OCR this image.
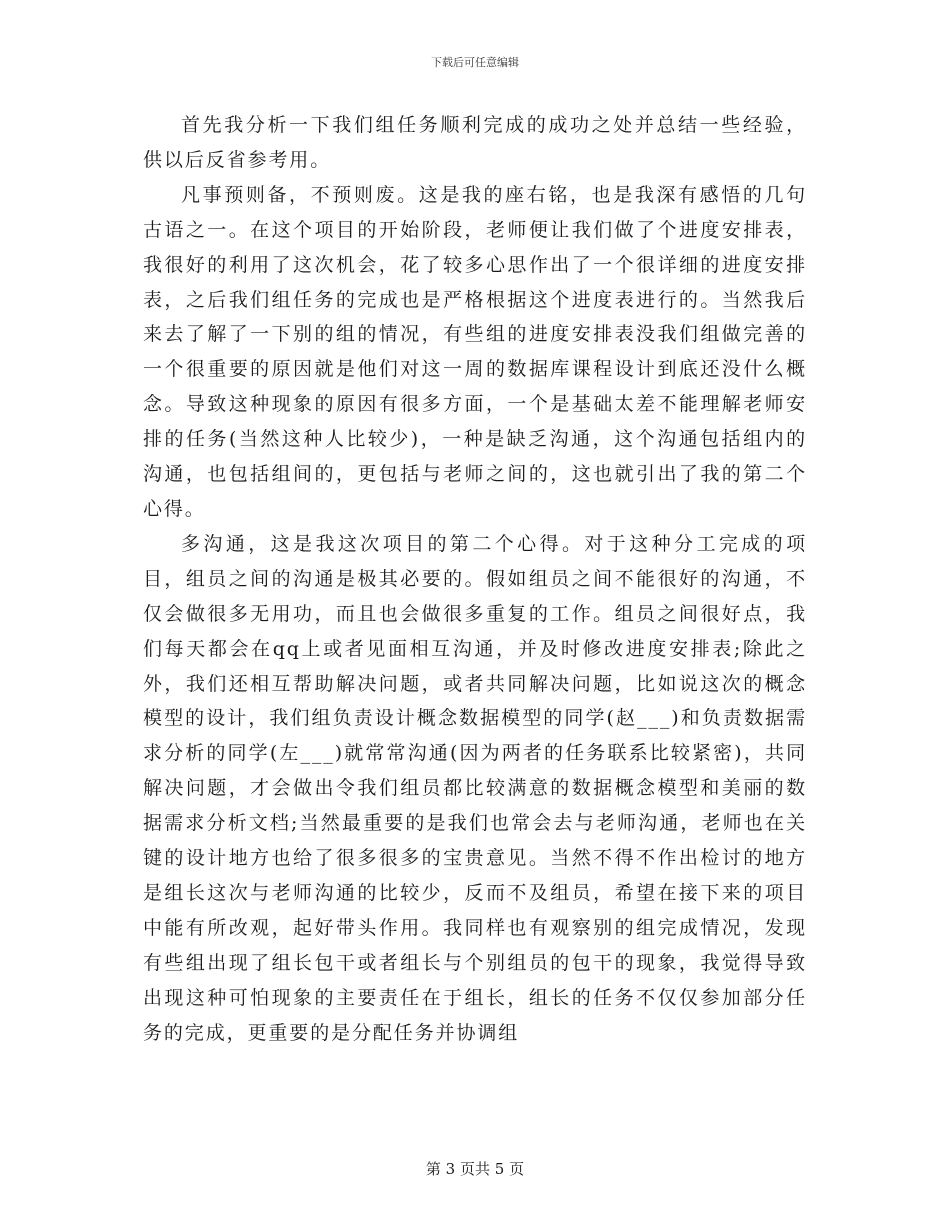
下载后可任意编辑

首先我分析一下我们组任务顺利完成的成功之处并总结一些经验，供以后反省参考用。

凡事预则备，不预则废。这是我的座右铭，也是我深有感悟的几句古语之一。在这个项目的开始阶段，老师便让我们做了个进度安排表，我很好的利用了这次机会，花了较多心思作出了一个很详细的进度安排表，之后我们组任务的完成也是严格根据这个进度表进行的。当然我后来去了解了一下别的组的情况，有些组的进度安排表没我们组做完善的一个很重要的原因就是他们对这一周的数据库课程设计到底还没什么概念。导致这种现象的原因有很多方面，一个是基础太差不能理解老师安排的任务(当然这种人比较少)，一种是缺乏沟通，这个沟通包括组内的沟通，也包括组间的，更包括与老师之间的，这也就引出了我的第二个心得。

多沟通，这是我这次项目的第二个心得。对于这种分工完成的项目，组员之间的沟通是极其必要的。假如组员之间不能很好的沟通，不仅会做很多无用功，而且也会做很多重复的工作。组员之间很好点，我们每天都会在qq上或者见面相互沟通，并及时修改进度安排表;除此之外，我们还相互帮助解决问题，或者共同解决问题，比如说这次的概念模型的设计，我们组负责设计概念数据模型的同学(赵___)和负责数据需求分析的同学(左___)就常常沟通(因为两者的任务联系比较紧密)，共同解决问题，才会做出令我们组员都比较满意的数据概念模型和美丽的数据需求分析文档;当然最重要的是我们也常会去与老师沟通，老师也在关键的设计地方也给了很多很多的宝贵意见。当然不得不作出检讨的地方是组长这次与老师沟通的比较少，反而不及组员，希望在接下来的项目中能有所改观，起好带头作用。我同样也有观察别的组完成情况，发现有些组出现了组长包干或者组长与个别组员的包干的现象，我觉得导致出现这种可怕现象的主要责任在于组长，组长的任务不仅仅参加部分任务的完成，更重要的是分配任务并协调组

第 3 页共 5 页
